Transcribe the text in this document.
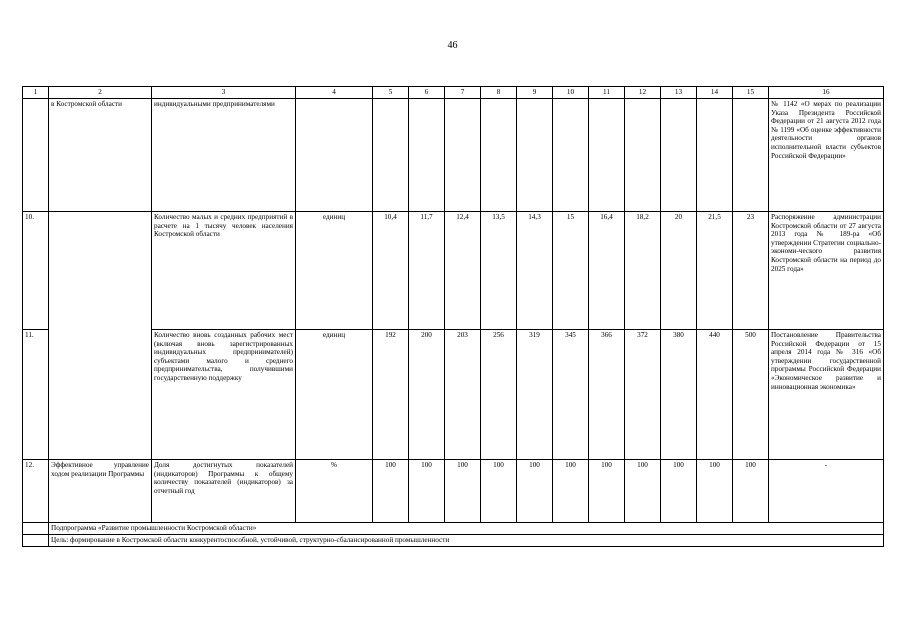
46
1	2	3	4	5	6	7	8	9	10	11	12	13	14	15	16
	в Костромской области	индивидуальными предпринимателями													№ 1142 «О мерах по реализации Указа Президента Российской Федерации от 21 августа 2012 года № 1199 «Об оценке эффективности деятельности органов исполнительной власти субъектов Российской Федерации»
10.		Количество малых и средних предприятий в расчете на 1 тысячу человек населения Костромской области	единиц	10,4	11,7	12,4	13,5	14,3	15	16,4	18,2	20	21,5	23	Распоряжение администрации Костромской области от 27 августа 2013 года № 189-ра «Об утверждении Стратегии социально-экономи-ческого развития Костромской области на период до 2025 года»
11.		Количество вновь созданных рабочих мест (включая вновь зарегистрированных индивидуальных предпринимателей) субъектами малого и среднего предпринимательства, получившими государственную поддержку	единиц	192	200	203	256	319	345	366	372	380	440	500	Постановление Правительства Российской Федерации от 15 апреля 2014 года № 316 «Об утверждении государственной программы Российской Федерации «Экономическое развитие и инновационная экономика»
12.	Эффективное управление ходом реализации Программы	Доля достигнутых показателей (индикаторов) Программы к общему количеству показателей (индикаторов) за отчетный год	%	100	100	100	100	100	100	100	100	100	100	100	-
	Подпрограмма «Развитие промышленности Костромской области»														
	Цель: формирование в Костромской области конкурентоспособной, устойчивой, структурно-сбалансированной промышленности														
